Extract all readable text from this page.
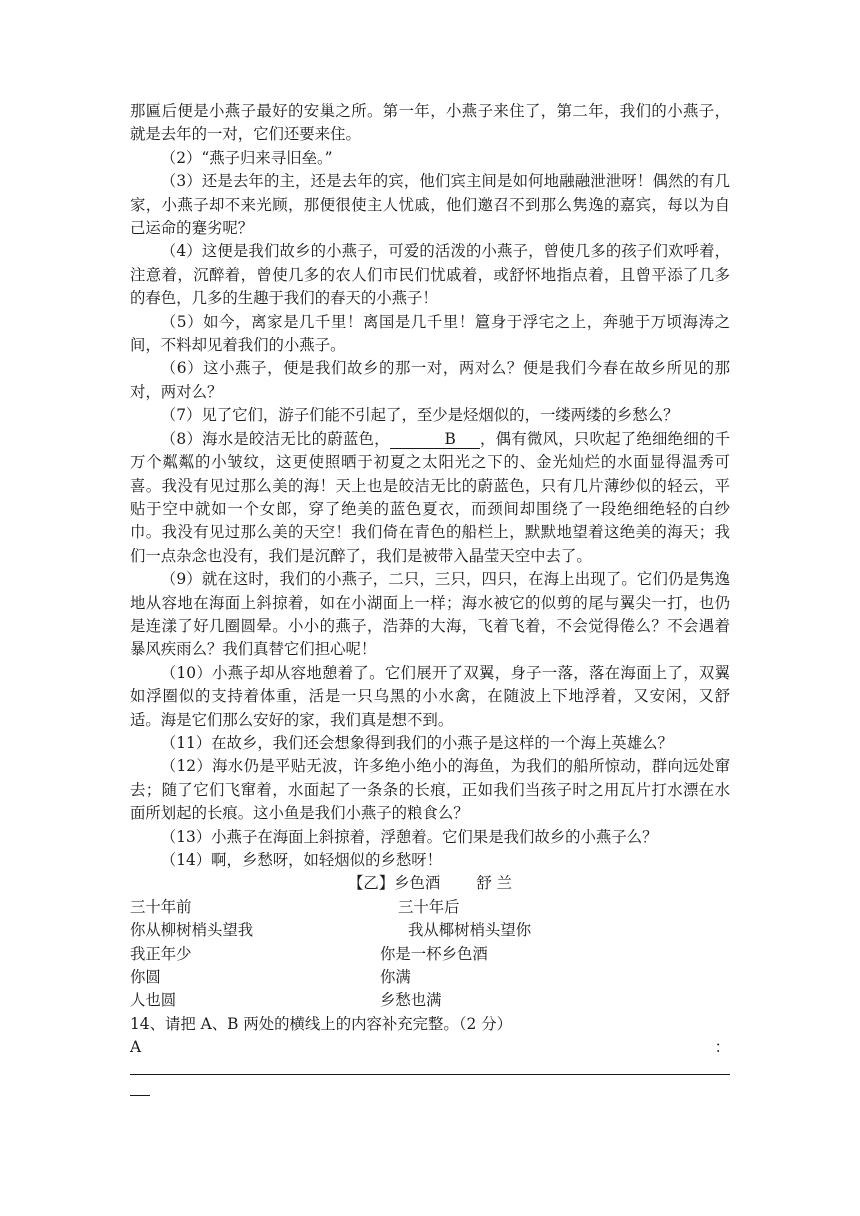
那匾后便是小燕子最好的安巢之所。第一年，小燕子来住了，第二年，我们的小燕子，就是去年的一对，它们还要来住。

（2）“燕子归来寻旧垒。”

（3）还是去年的主，还是去年的宾，他们宾主间是如何地融融泄泄呀！偶然的有几家，小燕子却不来光顾，那便很使主人忧戚，他们邀召不到那么隽逸的嘉宾，每以为自己运命的蹇劣呢？

（4）这便是我们故乡的小燕子，可爱的活泼的小燕子，曾使几多的孩子们欢呼着，注意着，沉醉着，曾使几多的农人们市民们忧戚着，或舒怀地指点着，且曾平添了几多的春色，几多的生趣于我们的春天的小燕子！

（5）如今，离家是几千里！离国是几千里！簄身于浮宅之上，奔驰于万顷海涛之间，不料却见着我们的小燕子。

（6）这小燕子，便是我们故乡的那一对，两对么？便是我们今春在故乡所见的那对，两对么？

（7）见了它们，游子们能不引起了，至少是烃烟似的，一缕两缕的乡愁么？

（8）海水是皎洁无比的蔚蓝色，	B ，偶有微风，只吹起了绝细绝细的千万个粼粼的小皱纹，这更使照晒于初夏之太阳光之下的、金光灿烂的水面显得温秀可喜。我没有见过那么美的海！天上也是皎洁无比的蔚蓝色，只有几片薄纱似的轻云，平贴于空中就如一个女郎，穿了绝美的蓝色夏衣，而颈间却围绕了一段绝细绝轻的白纱巾。我没有见过那么美的天空！我们倚在青色的船栏上，默默地望着这绝美的海天；我们一点杂念也没有，我们是沉醉了，我们是被带入晶莹天空中去了。

（9）就在这时，我们的小燕子，二只，三只，四只，在海上出现了。它们仍是隽逸地从容地在海面上斜掠着，如在小湖面上一样；海水被它的似剪的尾与翼尖一打，也仍是连漾了好几圈圆晕。小小的燕子，浩莽的大海，飞着飞着，不会觉得倦么？不会遇着暴风疾雨么？我们真替它们担心呢！

（10）小燕子却从容地憩着了。它们展开了双翼，身子一落，落在海面上了，双翼如浮圈似的支持着体重，活是一只乌黑的小水禽，在随波上下地浮着，又安闲，又舒适。海是它们那么安好的家，我们真是想不到。

（11）在故乡，我们还会想象得到我们的小燕子是这样的一个海上英雄么？

（12）海水仍是平贴无波，许多绝小绝小的海鱼，为我们的船所惊动，群向远处窜去；随了它们飞窜着，水面起了一条条的长痕，正如我们当孩子时之用瓦片打水漂在水面所划起的长痕。这小鱼是我们小燕子的粮食么？

（13）小燕子在海面上斜掠着，浮憩着。它们果是我们故乡的小燕子么？

（14）啊，乡愁呀，如轻烟似的乡愁呀！

【乙】乡色酒 舒 兰

三十年前	三十年后
你从柳树梢头望我	我从椰树梢头望你
我正年少	你是一杯乡色酒
你圆	你满
人也圆	乡愁也满

14、请把 A、B 两处的横线上的内容补充完整。（2 分）

A	：
